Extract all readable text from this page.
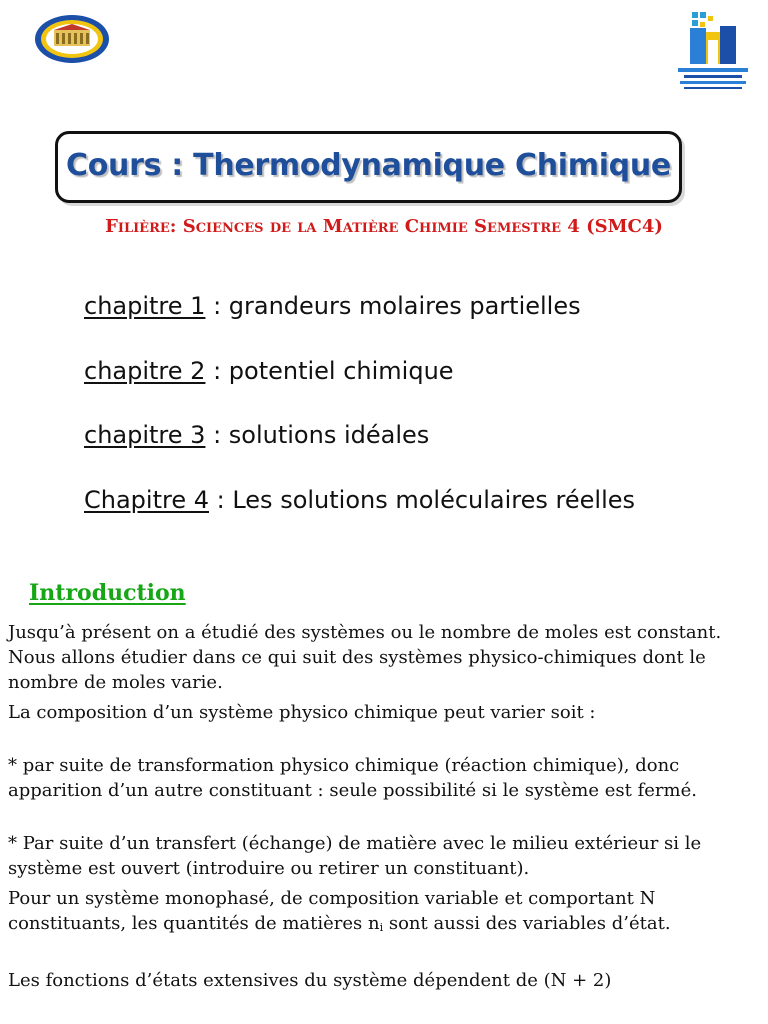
Cours : Thermodynamique Chimique
Filière: Sciences de la Matière Chimie Semestre 4 (SMC4)
chapitre 1 : grandeurs molaires partielles
chapitre 2 : potentiel chimique
chapitre 3 : solutions idéales
Chapitre 4 : Les solutions moléculaires réelles
Introduction

Jusqu’à présent on a étudié des systèmes ou le nombre de moles est constant. Nous allons étudier dans ce qui suit des systèmes physico-chimiques dont le nombre de moles varie.

La composition d’un système physico chimique peut varier soit :

* par suite de transformation physico chimique (réaction chimique), donc apparition d’un autre constituant : seule possibilité si le système est fermé.

* Par suite d’un transfert (échange) de matière avec le milieu extérieur si le système est ouvert (introduire ou retirer un constituant).

Pour un système monophasé, de composition variable et comportant N constituants, les quantités de matières ni sont aussi des variables d’état.

Les fonctions d’états extensives du système dépendent de (N + 2)
